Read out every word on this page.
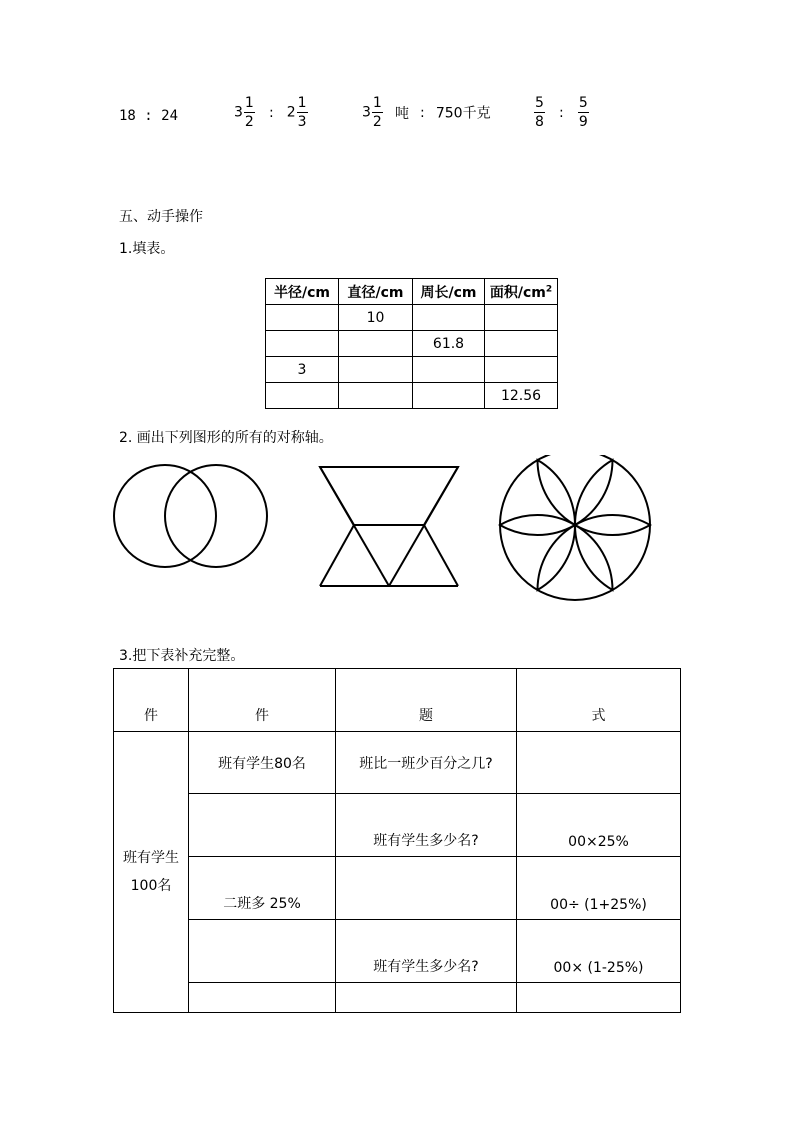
18 : 24	$3 \frac{1}{2}$ : $2 \frac{1}{3}$	$3 \frac{1}{2}$ 吨 : 750千克	$\frac{5}{8}$ : $\frac{5}{9}$
五、动手操作
1.填表。
半径/cm	直径/cm	周长/cm	面积$/cm^2$
	10		
		61.8	
3			
			12.56
2. 画出下列图形的所有的对称轴。
3.把下表补充完整。
件	件	题	式
班有学生100名	班有学生80名	班比一班少百分之几?	
		班有学生多少名?	00×25%
	二班多 25%		00÷ (1+25%)
		班有学生多少名?	00× (1-25%)
